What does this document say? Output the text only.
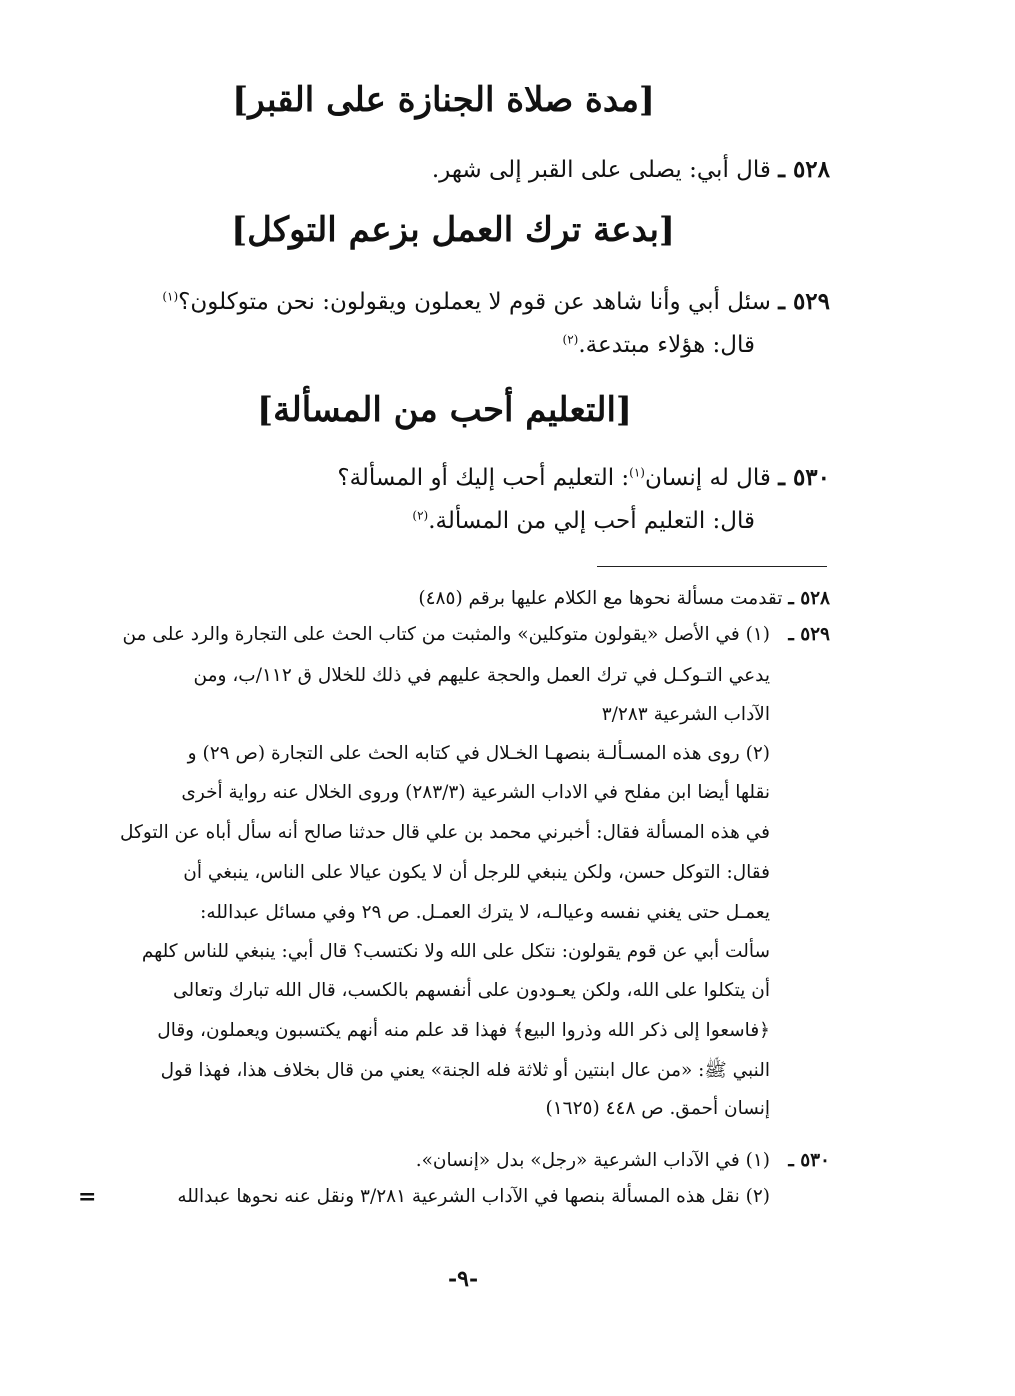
[مدة صلاة الجنازة على القبر]
٥٢٨ ـ قال أبي: يصلى على القبر إلى شهر.
[بدعة ترك العمل بزعم التوكل]
٥٢٩ ـ سئل أبي وأنا شاهد عن قوم لا يعملون ويقولون: نحن متوكلون؟$^{(١)}$
قال: هؤلاء مبتدعة.$^{(٢)}$
[التعليم أحب من المسألة]
٥٣٠ ـ قال له إنسان$^{(١)}$: التعليم أحب إليك أو المسألة؟
قال: التعليم أحب إلي من المسألة.$^{(٢)}$
٥٢٨ ـ تقدمت مسألة نحوها مع الكلام عليها برقم (٤٨٥)
٥٢٩ ـ
(١) في الأصل «يقولون متوكلين» والمثبت من كتاب الحث على التجارة والرد على من
يدعي التـوكـل في ترك العمل والحجة عليهم في ذلك للخلال ق ١١٢/ب، ومن
الآداب الشرعية ٣/٢٨٣
(٢) روى هذه المسـألـة بنصهـا الخـلال في كتابه الحث على التجارة (ص ٢٩) و
نقلها أيضا ابن مفلح في الاداب الشرعية (٢٨٣/٣) وروى الخلال عنه رواية أخرى
في هذه المسألة فقال: أخبرني محمد بن علي قال حدثنا صالح أنه سأل أباه عن التوكل
فقال: التوكل حسن، ولكن ينبغي للرجل أن لا يكون عيالا على الناس، ينبغي أن
يعمـل حتى يغني نفسه وعيالـه، لا يترك العمـل. ص ٢٩ وفي مسائل عبدالله:
سألت أبي عن قوم يقولون: نتكل على الله ولا نكتسب؟ قال أبي: ينبغي للناس كلهم
أن يتكلوا على الله، ولكن يعـودون على أنفسهم بالكسب، قال الله تبارك وتعالى
﴿فاسعوا إلى ذكر الله وذروا البيع﴾ فهذا قد علم منه أنهم يكتسبون ويعملون، وقال
النبي ﷺ: «من عال ابنتين أو ثلاثة فله الجنة» يعني من قال بخلاف هذا، فهذا قول
إنسان أحمق. ص ٤٤٨ (١٦٢٥)
٥٣٠ ـ
(١) في الآداب الشرعية «رجل» بدل «إنسان».
(٢) نقل هذه المسألة بنصها في الآداب الشرعية ٣/٢٨١ ونقل عنه نحوها عبدالله
=
-٩-
